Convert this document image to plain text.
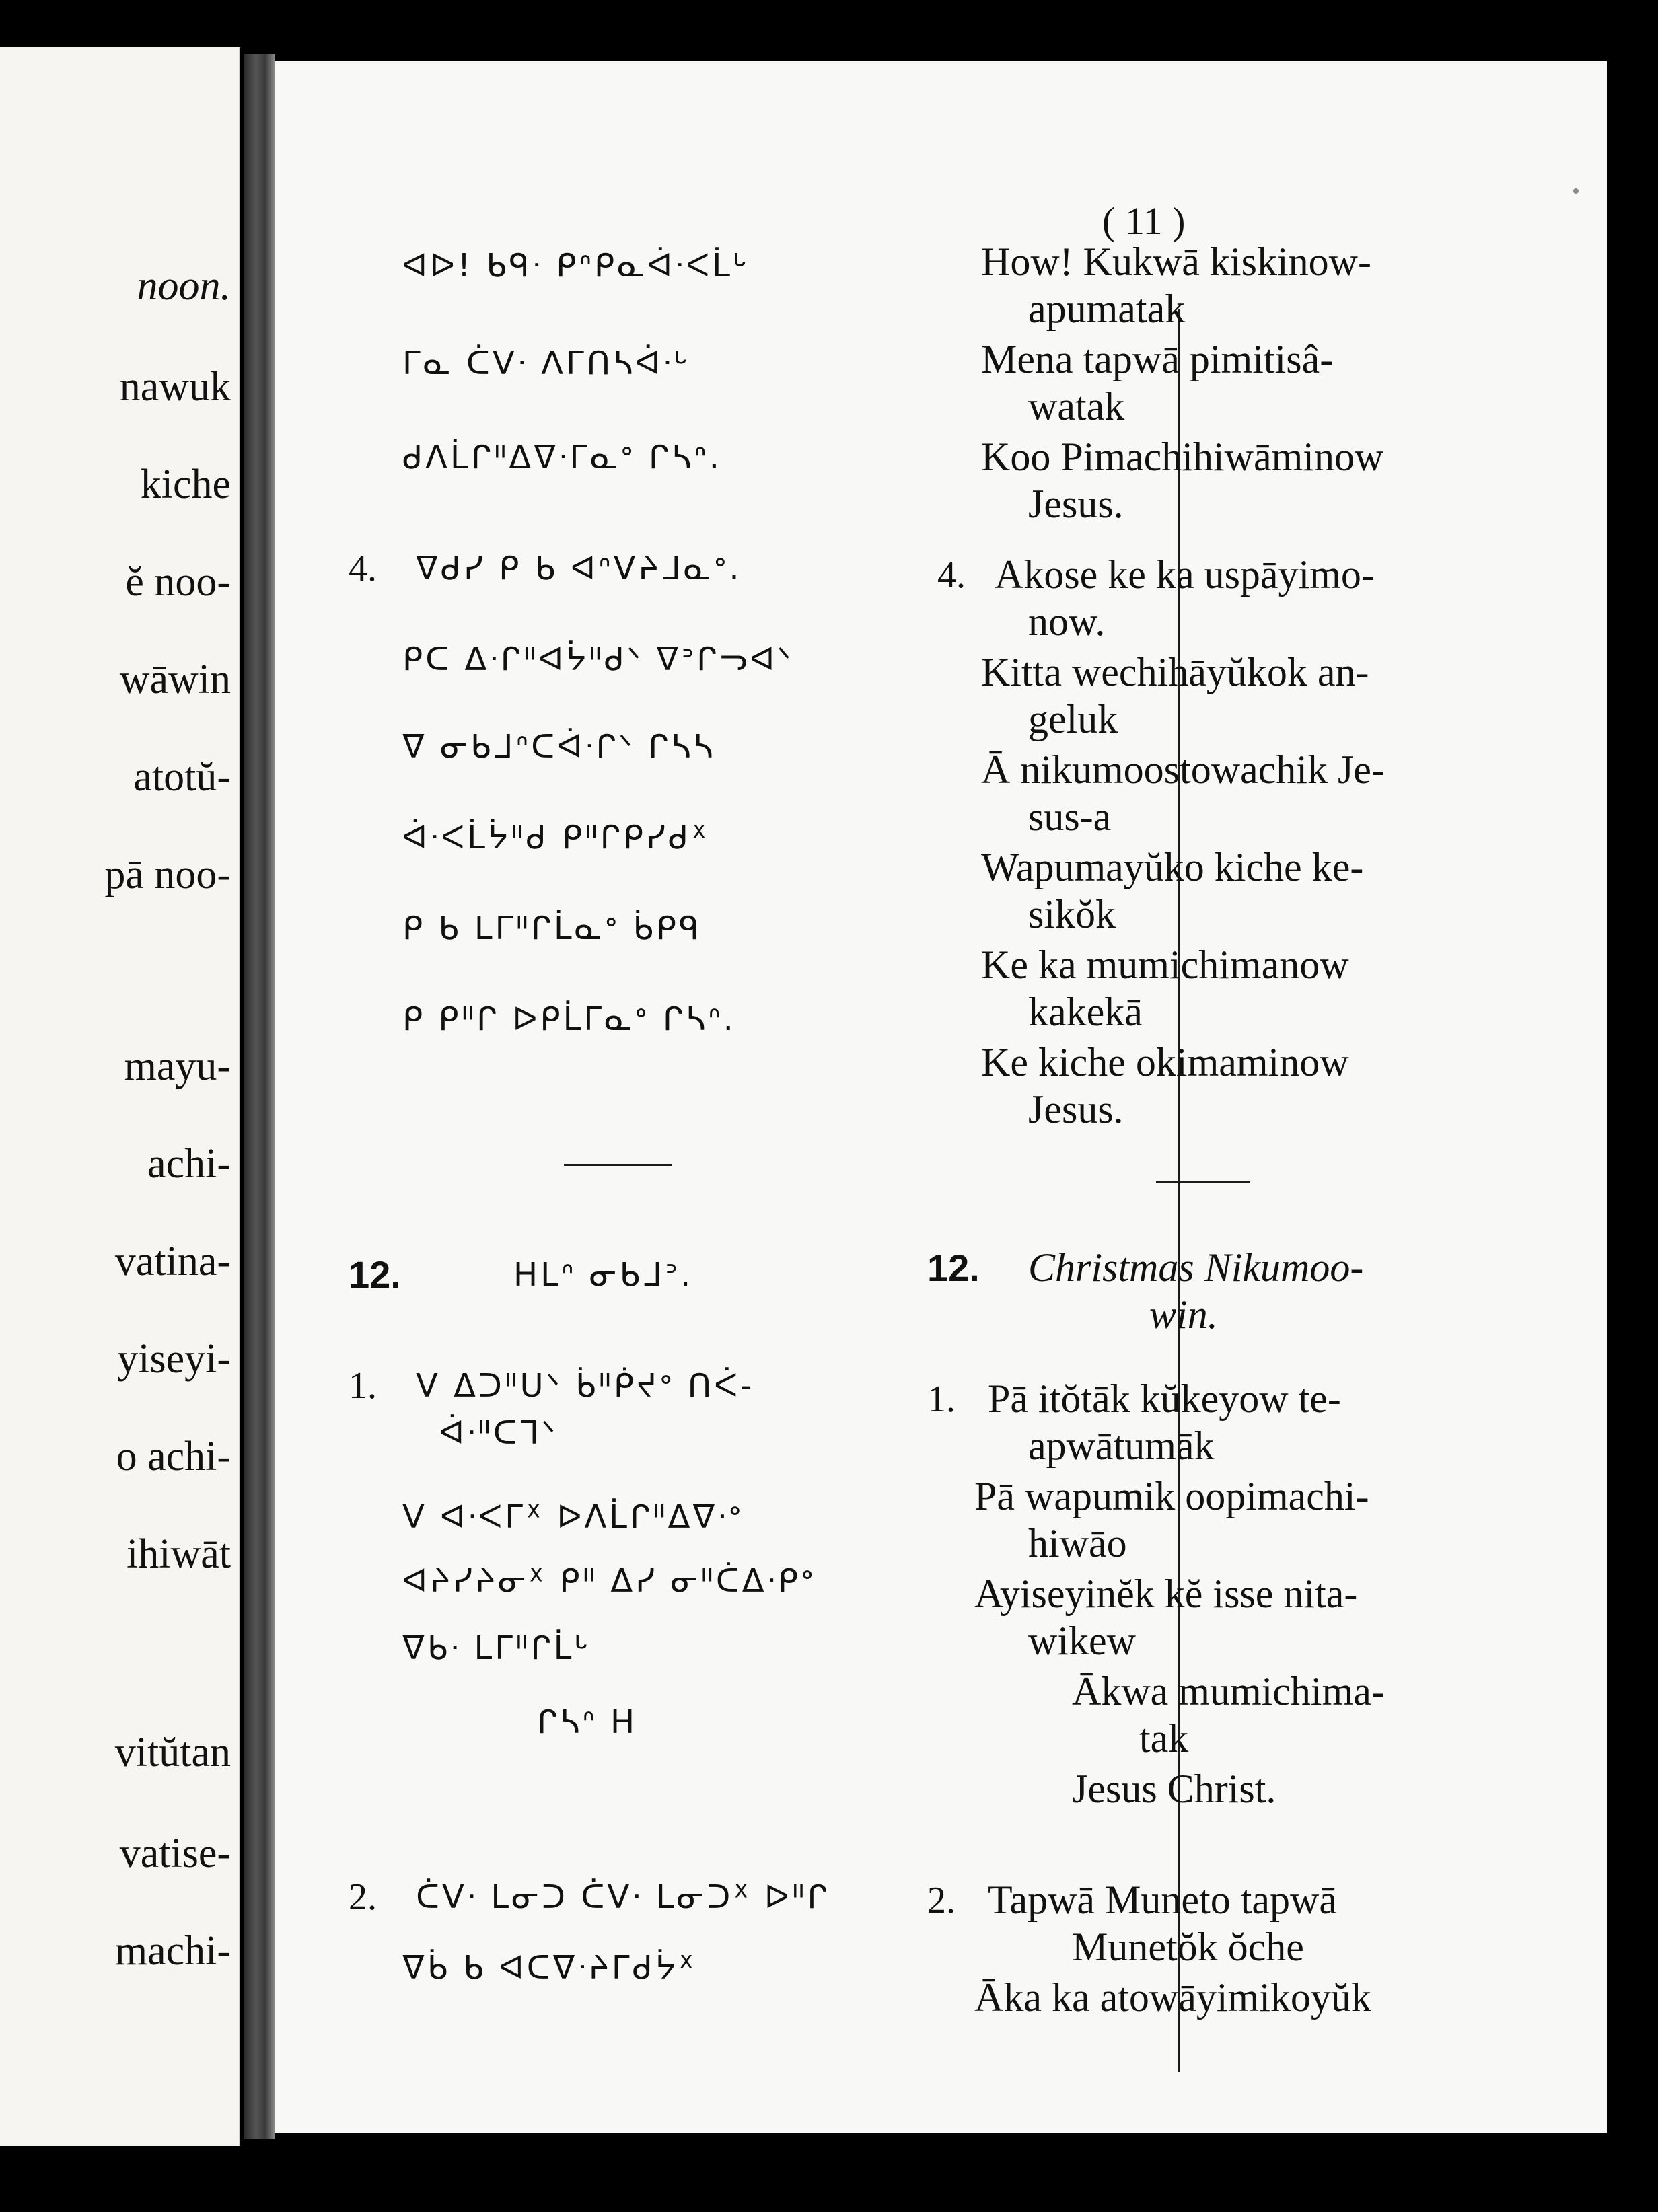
noon.

nawuk

kiche

ĕ noo-

wāwin

atotŭ-

pā noo-

mayu-

achi-

vatina-

yiseyi-

o achi-

ihiwāt

vitŭtan

vatise-

machi-

( 11 )

ᐊᐅ! ᑲᑫᐧ ᑭᐢᑭᓇᐋᐧᐸᒫᒡ

ᒥᓇ ᑖᐯᐧ ᐱᒥᑎᓴᐋᐧᒡ

ᑯᐱᒫᒋᐦᐃᐁᐧᒥᓇᐤ ᒋᓴᐢ.

4. ᐁᑯᓯ ᑭ ᑲ ᐊᐢᐯᔨᒧᓇᐤ.

ᑭᑕ ᐃᐧᒋᐦᐊᔮᐦᑯᐠ ᐁᐣᒋᓓᐊᐠ

ᐁ ᓂᑲᒧᐢᑕᐋᐧᒋᐠ ᒋᓴᓴ

ᐋᐧᐸᒫᔮᐦᑯ ᑭᐦᒋᑭᓯᑯᕽ

ᑭ ᑲ ᒪᒥᐦᒋᒫᓇᐤ ᑳᑭᑫ

ᑭ ᑭᐦᒋ ᐅᑭᒫᒥᓇᐤ ᒋᓴᐢ.

12.	ᕼᒪᐢ ᓂᑲᒧᐣ.

1. ᐯ ᐃᑐᐦᑌᐠ ᑳᐦᑮᔪᐤ ᑎᐹ-

ᐋᐧᐦᑕᒣᐠ

ᐯ ᐊᐧᐸᒥᕽ ᐅᐱᒫᒋᐦᐃᐁᐧᐤ

ᐊᔨᓯᔨᓂᕽ ᑭᐦ ᐃᓯ ᓂᐦᑖᐃᐧᑭᐤ

ᐁᑲᐧ ᒪᒥᐦᒋᒫᒡ

ᒋᓴᐢ ᕼ

2. ᑖᐯᐧ ᒪᓂᑐ ᑖᐯᐧ ᒪᓂᑐᕽ ᐅᐦᒋ

ᐁᑳ ᑲ ᐊᑕᐁᐧᔨᒥᑯᔮᕽ

How! Kukwā kiskinow-

apumatak

Mena tapwā pimitisâ-

watak

Koo Pimachihiwāminow

Jesus.

4. Akose ke ka uspāyimo-

now.

Kitta wechihāyŭkok an-

geluk

Ā nikumoostowachik Je-

sus-a

Wapumayŭko kiche ke-

sikŏk

Ke ka mumichimanow

kakekā

Ke kiche okimaminow

Jesus.

12. Christmas Nikumoo-

win.

1. Pā itŏtāk kŭkeyow te-

apwātumāk

Pā wapumik oopimachi-

hiwāo

Ayiseyinĕk kĕ isse nita-

wikew

Ākwa mumichima-

tak

Jesus Christ.

2. Tapwā Muneto tapwā

Munetŏk ŏche

Āka ka atowāyimikoyŭk
